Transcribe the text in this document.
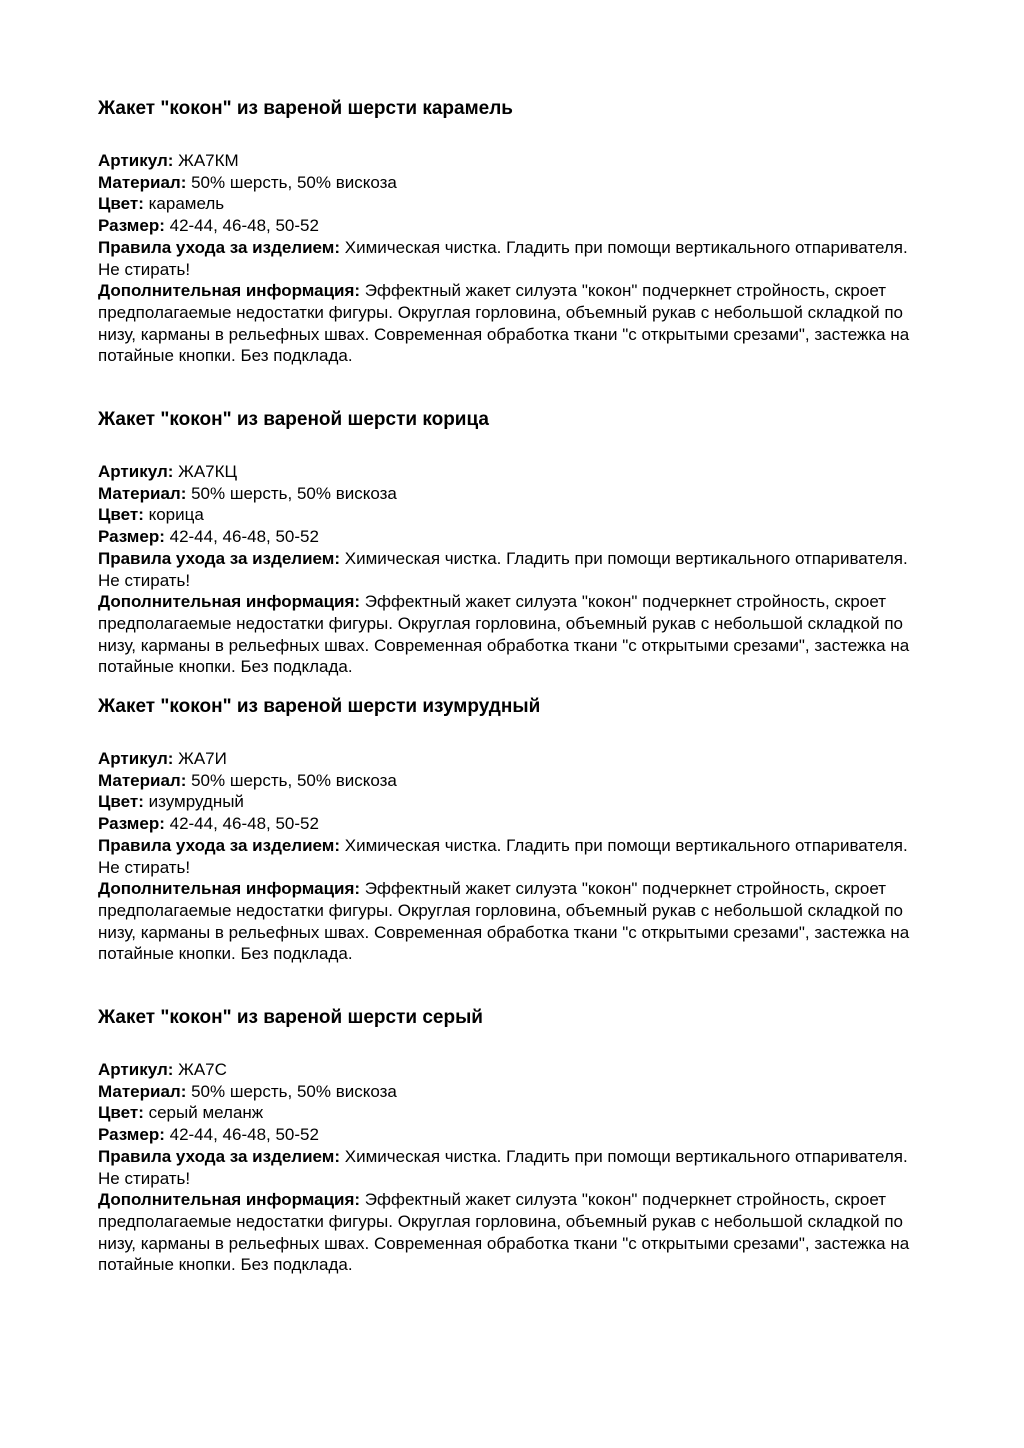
Жакет "кокон" из вареной шерсти карамель

Артикул: ЖА7КМ

Материал: 50% шерсть, 50% вискоза

Цвет: карамель

Размер: 42-44, 46-48, 50-52

Правила ухода за изделием: Химическая чистка. Гладить при помощи вертикального отпаривателя. Не стирать!

Дополнительная информация: Эффектный жакет силуэта "кокон" подчеркнет стройность, скроет предполагаемые недостатки фигуры. Округлая горловина, объемный рукав с небольшой складкой по низу, карманы в рельефных швах. Современная обработка ткани "с открытыми срезами", застежка на потайные кнопки. Без подклада.

Жакет "кокон" из вареной шерсти корица

Артикул: ЖА7КЦ

Материал: 50% шерсть, 50% вискоза

Цвет: корица

Размер: 42-44, 46-48, 50-52

Правила ухода за изделием: Химическая чистка. Гладить при помощи вертикального отпаривателя. Не стирать!

Дополнительная информация: Эффектный жакет силуэта "кокон" подчеркнет стройность, скроет предполагаемые недостатки фигуры. Округлая горловина, объемный рукав с небольшой складкой по низу, карманы в рельефных швах. Современная обработка ткани "с открытыми срезами", застежка на потайные кнопки. Без подклада.

Жакет "кокон" из вареной шерсти изумрудный

Артикул: ЖА7И

Материал: 50% шерсть, 50% вискоза

Цвет: изумрудный

Размер: 42-44, 46-48, 50-52

Правила ухода за изделием: Химическая чистка. Гладить при помощи вертикального отпаривателя. Не стирать!

Дополнительная информация: Эффектный жакет силуэта "кокон" подчеркнет стройность, скроет предполагаемые недостатки фигуры. Округлая горловина, объемный рукав с небольшой складкой по низу, карманы в рельефных швах. Современная обработка ткани "с открытыми срезами", застежка на потайные кнопки. Без подклада.

Жакет "кокон" из вареной шерсти серый

Артикул: ЖА7С

Материал: 50% шерсть, 50% вискоза

Цвет: серый меланж

Размер: 42-44, 46-48, 50-52

Правила ухода за изделием: Химическая чистка. Гладить при помощи вертикального отпаривателя. Не стирать!

Дополнительная информация: Эффектный жакет силуэта "кокон" подчеркнет стройность, скроет предполагаемые недостатки фигуры. Округлая горловина, объемный рукав с небольшой складкой по низу, карманы в рельефных швах. Современная обработка ткани "с открытыми срезами", застежка на потайные кнопки. Без подклада.
